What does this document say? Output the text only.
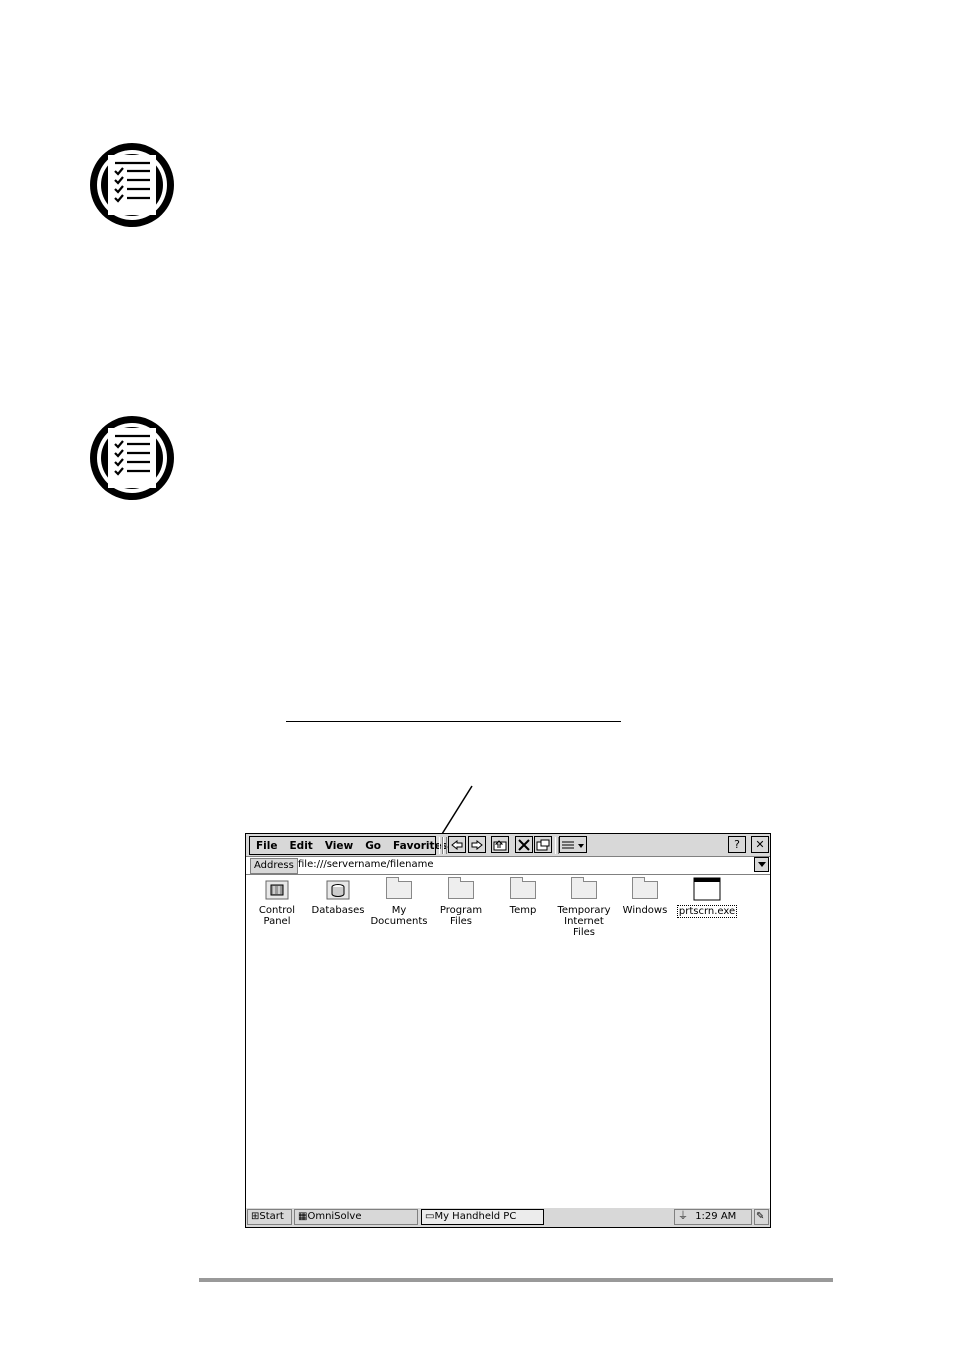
File Edit View Go Favorites	?	✕
Address file:///servername/filename
Control Panel
Databases	My Documents
Program Files
Temp	Temporary Internet Files
Windows	prtscrn.exe
⊞Start	▦OmniSolve	▭My Handheld PC	⏚ 1:29 AM	✎
